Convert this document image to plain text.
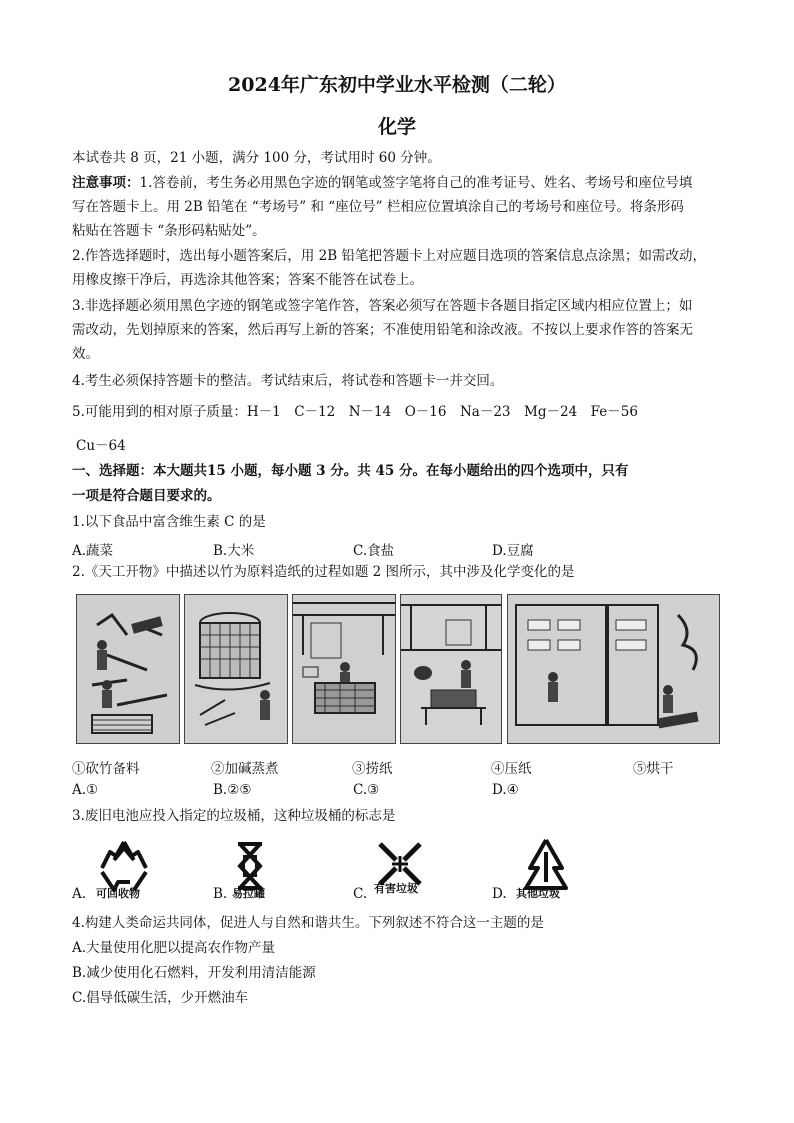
2024年广东初中学业水平检测（二轮）
化学
本试卷共 8 页，21 小题，满分 100 分，考试用时 60 分钟。
注意事项：1.答卷前，考生务必用黑色字迹的钢笔或签字笔将自己的准考证号、姓名、考场号和座位号填
写在答题卡上。用 2B 铅笔在 “考场号” 和 “座位号” 栏相应位置填涂自己的考场号和座位号。将条形码
粘贴在答题卡 “条形码粘贴处”。
2.作答选择题时，选出每小题答案后，用 2B 铅笔把答题卡上对应题目选项的答案信息点涂黑；如需改动，
用橡皮擦干净后，再选涂其他答案；答案不能答在试卷上。
3.非选择题必须用黑色字迹的钢笔或签字笔作答，答案必须写在答题卡各题目指定区域内相应位置上；如
需改动，先划掉原来的答案，然后再写上新的答案；不准使用铅笔和涂改液。不按以上要求作答的答案无
效。
4.考生必须保持答题卡的整洁。考试结束后，将试卷和答题卡一并交回。
5.可能用到的相对原子质量：H－1　C－12　N－14　O－16　Na－23　Mg－24　Fe－56
Cu－64
一、选择题：本大题共15 小题，每小题 3 分。共 45 分。在每小题给出的四个选项中，只有
一项是符合题目要求的。
1.以下食品中富含维生素 C 的是
A.蔬菜	B.大米	C.食盐	D.豆腐
2.《天工开物》中描述以竹为原料造纸的过程如题 2 图所示，其中涉及化学变化的是
①砍竹备料	②加碱蒸煮	③捞纸	④压纸	⑤烘干
A.①	B.②⑤	C.③	D.④
3.废旧电池应投入指定的垃圾桶，这种垃圾桶的标志是
A. 可回收物	B. 易拉罐	C. 有害垃圾	D. 其他垃圾
4.构建人类命运共同体，促进人与自然和谐共生。下列叙述不符合这一主题的是
A.大量使用化肥以提高农作物产量
B.减少使用化石燃料，开发利用清洁能源
C.倡导低碳生活，少开燃油车
